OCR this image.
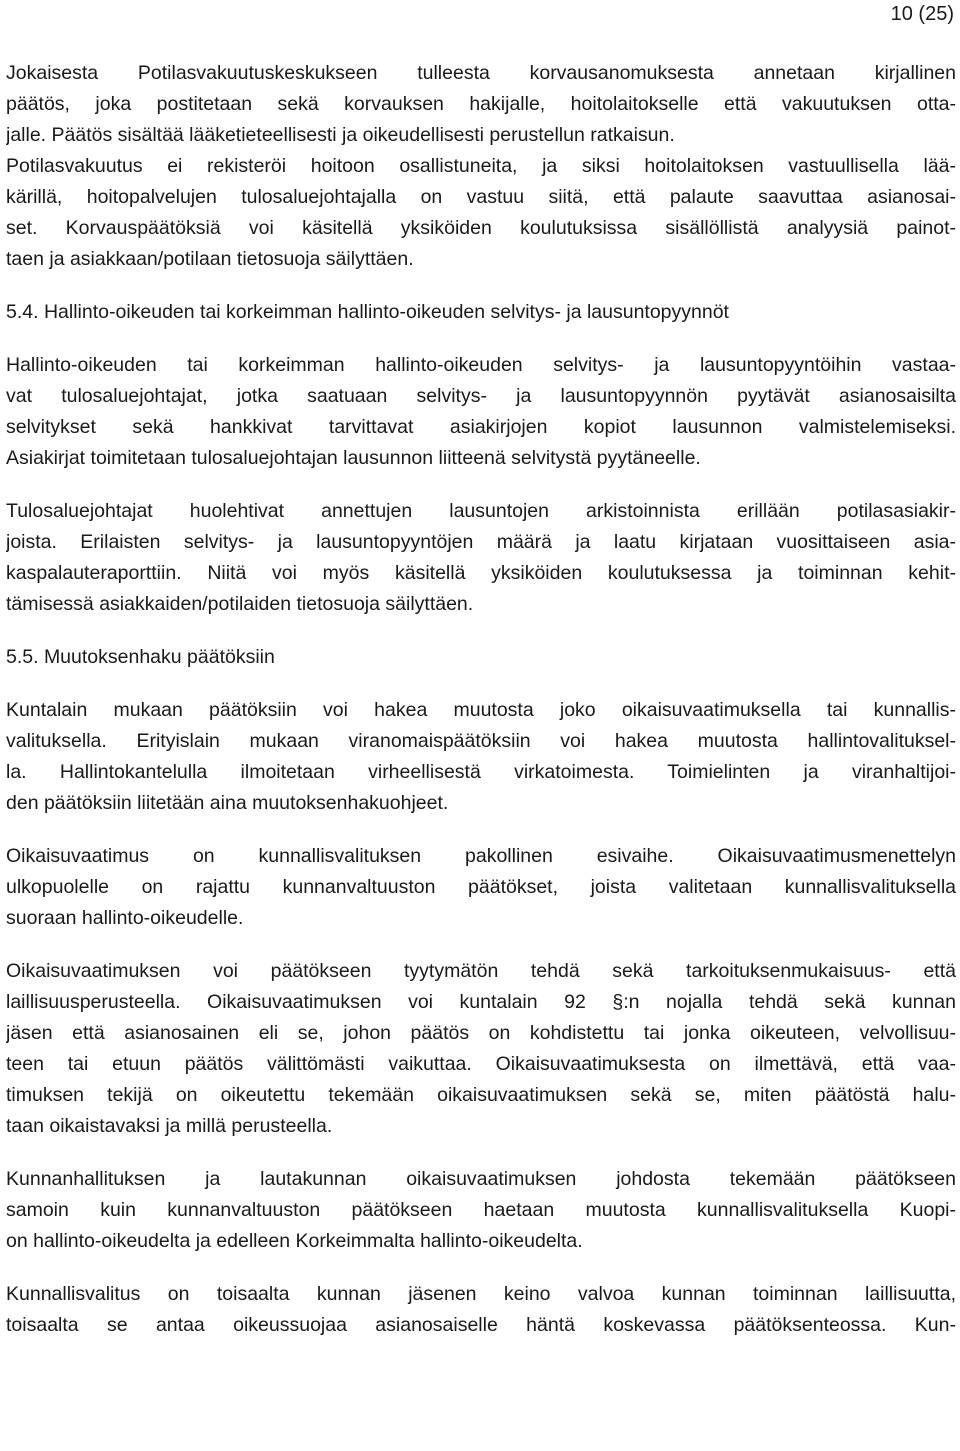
10 (25)
Jokaisesta Potilasvakuutuskeskukseen tulleesta korvausanomuksesta annetaan kirjallinen
päätös, joka postitetaan sekä korvauksen hakijalle, hoitolaitokselle että vakuutuksen otta-
jalle. Päätös sisältää lääketieteellisesti ja oikeudellisesti perustellun ratkaisun.
Potilasvakuutus ei rekisteröi hoitoon osallistuneita, ja siksi hoitolaitoksen vastuullisella lää-
kärillä, hoitopalvelujen tulosaluejohtajalla on vastuu siitä, että palaute saavuttaa asianosai-
set. Korvauspäätöksiä voi käsitellä yksiköiden koulutuksissa sisällöllistä analyysiä painot-
taen ja asiakkaan/potilaan tietosuoja säilyttäen.
5.4. Hallinto-oikeuden tai korkeimman hallinto-oikeuden selvitys- ja lausuntopyynnöt
Hallinto-oikeuden tai korkeimman hallinto-oikeuden selvitys- ja lausuntopyyntöihin vastaa-
vat tulosaluejohtajat, jotka saatuaan selvitys- ja lausuntopyynnön pyytävät asianosaisilta
selvitykset sekä hankkivat tarvittavat asiakirjojen kopiot lausunnon valmistelemiseksi.
Asiakirjat toimitetaan tulosaluejohtajan lausunnon liitteenä selvitystä pyytäneelle.
Tulosaluejohtajat huolehtivat annettujen lausuntojen arkistoinnista erillään potilasasiakir-
joista. Erilaisten selvitys- ja lausuntopyyntöjen määrä ja laatu kirjataan vuosittaiseen asia-
kaspalauteraporttiin. Niitä voi myös käsitellä yksiköiden koulutuksessa ja toiminnan kehit-
tämisessä asiakkaiden/potilaiden tietosuoja säilyttäen.
5.5. Muutoksenhaku päätöksiin
Kuntalain mukaan päätöksiin voi hakea muutosta joko oikaisuvaatimuksella tai kunnallis-
valituksella. Erityislain mukaan viranomaispäätöksiin voi hakea muutosta hallintovalituksel-
la. Hallintokantelulla ilmoitetaan virheellisestä virkatoimesta. Toimielinten ja viranhaltijoi-
den päätöksiin liitetään aina muutoksenhakuohjeet.
Oikaisuvaatimus on kunnallisvalituksen pakollinen esivaihe. Oikaisuvaatimusmenettelyn
ulkopuolelle on rajattu kunnanvaltuuston päätökset, joista valitetaan kunnallisvalituksella
suoraan hallinto-oikeudelle.
Oikaisuvaatimuksen voi päätökseen tyytymätön tehdä sekä tarkoituksenmukaisuus- että
laillisuusperusteella. Oikaisuvaatimuksen voi kuntalain 92 §:n nojalla tehdä sekä kunnan
jäsen että asianosainen eli se, johon päätös on kohdistettu tai jonka oikeuteen, velvollisuu-
teen tai etuun päätös välittömästi vaikuttaa. Oikaisuvaatimuksesta on ilmettävä, että vaa-
timuksen tekijä on oikeutettu tekemään oikaisuvaatimuksen sekä se, miten päätöstä halu-
taan oikaistavaksi ja millä perusteella.
Kunnanhallituksen ja lautakunnan oikaisuvaatimuksen johdosta tekemään päätökseen
samoin kuin kunnanvaltuuston päätökseen haetaan muutosta kunnallisvalituksella Kuopi-
on hallinto-oikeudelta ja edelleen Korkeimmalta hallinto-oikeudelta.
Kunnallisvalitus on toisaalta kunnan jäsenen keino valvoa kunnan toiminnan laillisuutta,
toisaalta se antaa oikeussuojaa asianosaiselle häntä koskevassa päätöksenteossa. Kun-
